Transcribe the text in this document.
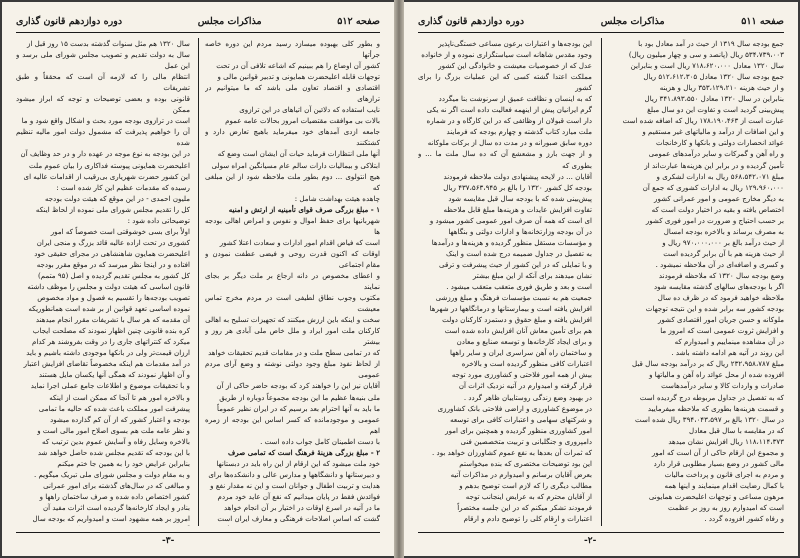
صفحه ۵۱۲
مذاکرات مجلس
دوره دوازدهم قانون گذاری

سال ۱۳۲۰ هم مثل سنوات گذشته بدست ۱۵ روز قبل از

سال به دولت تقدیم و تصویب مجلس شورای ملی برسد و این عمل

انتظام مالی را که لازمه آن است که محققاً و طبق تشریفات

قانونی بوده و بعضی توضیحات و توجه که ابراز میشود ممکن

است در ترازوی بودجه مورد بحث و اشکال واقع شود و ما

آن را خواهیم پذیرفت که مشمول دولت امور مالیه تنظیم شده

در این بودجه به نوع موجه در عهده دار و در حد وظایف آن

اعلیحضرت همایونی پیوسته فداکاری را بیان عموم ملت

این کشور حضرت شهریاری بی‌رقیب از اقدامات عالیه ای

رسیده که مقدمات عظیم این کار شده است :

ملیون احمدی - در این موقع که هیئت دولت بودجه

کل را تقدیم مجلس شورای ملی نموده از لحاظ اینکه

توضیحاتی داده شود :

اولاً برای بسی خوشوقتی است خصوصاً که امور

کشوری در تحت اراده عالیه قائد بزرگ و منجی ایران

اعلیحضرت همایون شاهنشاهی در مجرای حقیقی خود

افتاده و در اینجا نظر میرسد که در موقع مقرر بودجه

کل کشور به مجلس تقدیم گردیده و اصل (۹۵ متمم)

قانون اساسی که هیئت دولت و مجلس را موظف داشته

تصویب بودجه‌ها را تقسیم به فصول و مواد مخصوص

نموده اساسی تعهد قوانین از بر شده است همانطوریکه

آن مقدمه که هر سال با تشریفات مقرر انجام میدهند

کره بنده قانونی چنین اظهار نمودند که مصلحت ایجاب

میکرد که کنتراتهای جاری را در وقت بفروشند هر کدام

ارزان قیمت‌تر ولی در بانکها موجودی داشته باشیم و باید

در آمد مقدمات هم اینکه مخصوصاً تقاضای افزایش اعتبار

و آن اظهار نمودند که همگی آنها یکسان مایل هستند

و با تحقیقات موضوع و اطلاعات جامع عملی اجرا نماید

و بالاخره امور هم تا آنجا که ممکن است از اینکه

پیشرفت امور مملکت باعث شده که حالیه ما تمامی

بودجه و اعتبار کشور که از آن کم گذارده میشود

و نظر عامه ملت هم بسوی اصلاح امور مالی است و

بالاخره وسایل رفاه و آسایش عموم بدین ترتیب که

با این بودجه که تقدیم مجلس شده حاصل خواهد شد

بنابراین عرایض خود را به همین جا ختم میکنم

و به مقام دولت و مجلس شورای ملی تبریک میگویم .

و مبالغی که در سال‌های گذشته برای امور عمرانی

کشور اختصاص داده شده و صرف ساختمان راهها و

بنادر و ایجاد کارخانه‌ها گردیده است اثرات مفید آن

امروز بر همه مشهود است و امیدواریم که بودجه سال

و بطور کلی بهبوده میسازد رسید مردم این دوره خاصه جرأتها

کشور آن اوضاع را هم ببینیم که اشاعه تلافی آن در تحت

توجهات قابله اعلیحضرت همایونی و تدبیر قوانین مالی و

اقتصادی و اقتصاد تعاون ملی باشد که ما میتوانیم در ترازهای

نایب استفاده که دلائین آن اتیاهای در این ترازوی

بالات بی موافقت مقتضیات امروز بحالات عامه عموم

جامعه ازدی آمدهای خود میفرماید باهیچ تعارض دارد و کشتکنند

آنها ملی انتظارات فرماید حیات آن ایشان است وضع که

ابتلاکی و بیمالیات دارات سالم عام مسیانگین امراه سولی

هیچ انتولوی ... دوم بطور ملت ملاحظه شود از این مبلغی که

چاهده هیئت بهداشت شامل :

۱ - مبلغ بزرگی صرف قوای تأمینیه از ارتش و امنیه

شهربانیها برای حفظ اموال و نفوس و امراض اهالی بودجه ها

است که فیاض اقدام امور ادارات و سعادت اعتلا کشور

اوقات که اکنون قدرت روحی و فیضی عطفت نمودن و مقام اجتماعی

و اعطای مخصوص در دانه ارجاع بر ملت دیگر بر بجای نمایند

مکتوب وجوب نطاق لطیفی است در مردم مخرج تماس معیشت

سخت و اینکه باین ارزش میکنند که تجهیزات تسلیح به اهالی

کارکنان ملت امور ایراد و ملل خاص ملی آبادی هر روز و بیشتر

که در تمامی سطح ملت و در مقامات قدیم تحقیقات خواهد

از لحاظ نفوذ مبلغ وجود دولتی نوشته و وضع آرای مردم عمومی

آقایان نیز این را خواهند کرد که بودجه حاضر حاکی از آن

ملی بنیه‌ها عظیم ما این بودجه مجموعاً دوباره از طریق

ما باید به آنها احترام بعد برسیم که در ایران نظیر عموماً

عمومی و موجودمانده که کسر اساس این بودجه از زمره اهم

با دست اطمینان کامل جواب داده است .

۲ - مبلغ بزرگی هزینهٔ فرهنگ است که تمامی صرف

خود ملت میشود که این ارقام از این راه باید در دبستانها

و دبیرستانها و دانشگاهها و مدارس عالی و دانشکده‌ها برای

هدایت و تربیت اطفال و جوانان است و این نه مقدار نفع و

فوائدش فقط در پایان میدانیم که نفع آن عاید خود مردم

ما در آتیه در اسرع اوقات در اختیار بر آن انجام خواهد

گشت که اساس اصلاحات فرهنگی و معارف ایران است

-۳-
صفحه ۵۱۱
مذاکرات مجلس
دوره دوازدهم قانون گذاری

این بودجه‌ها و اعتبارات برعون مساعی خستگی‌ناپذیر

وجود مقدس شاهانه است سیاستگزاری نموده و از خانواده

عدل که از خصوصیات معیشت و خانوادگی این کشور

مملکت اعتدا گشته کسی که این عملیات بزرگ را برای کشور

که به اینسان و نظافت عمیق از سرنوشت بنا میگردد

گرم ایرانیان پیش از اینهمه فعالیت داده است اگر نه یکی

دار است قبولان از وظائفی که در این کارگاه و در شماره

ملت میازد کتاب گذشته و چهارم بودجه که فرمایند

دوره سابق صبورانه و در مدت ده سال از برکات ملوکانه

و از جهت بارز و مشعشع آن که ده سال ملت ما ... و بطوری که

آقایان ... در لایحه پیشنهادی دولت ملاحظه فرمودند

بودجه کل کشور ۱۳۲۰ را بالغ بر ۴۳۷،۵۶۳،۹۴۵ ریال

پیش‌بینی شده که با بودجه سال قبل مقایسه شود

تفاوت افزایش عایدات و هزینه‌ها مبلغ قابل ملاحظه

ای است که همه آن صرف امور عمومی کشور میشود و

در آن بودجه وزارتخانه‌ها و ادارات دولتی و بنگاهها

و مؤسسات مستقل منظور گردیده و هزینه‌ها و درآمدها

به تفصیل در جداول ضمیمه درج شده است و اینک

و با تمایلی که در این کشور از حیث پیشرفت و ترقی

نشان میدهند برای آنکه از این مبلغ بیشتر

است و بعد و طریق فوری متعقب متعقب میشود .

جمعیت هم به نسبت مؤسسات فرهنگ و مبلغ ورزشی

افزایش یافته است و بیمارستانها و درمانگاهها در شهرها

افزایش یافته و مبلغ حقوق و دستمزد کارکنان دولت

هم برای تأمین معاش آنان افزایش داده شده است

و برای ایجاد کارخانه‌ها و توسعه صنایع و معادن

و ساختمان راه آهن سراسری ایران و سایر راهها

اعتبارات کافی منظور گردیده است و بالاخره

بیش از همه امور فلاحتی و کشاورزی مورد توجه

قرار گرفته و امیدوارم در آتیه نزدیک اثرات آن

در بهبود وضع زندگی روستاییان ظاهر گردد .

در موضوع کشاورزی و اراضی فلاحتی بانک کشاورزی

و شرکتهای سهامی و اعتبارات کافی برای توسعه

امور کشاورزی منظور گردیده و همچنین برای امور

دامپروری و جنگلبانی و تربیت متخصصین فنی

که ثمرات آن بعدها به نفع عموم کشاورزان خواهد بود .

این بود توضیحات مختصری که بنده میخواستم

بعرض آقایان برسانم و امیدوارم در مذاکرات آتیه

مطالب دیگری را که لازم است توضیح بدهم و

از آقایان محترم که به عرایض اینجانب توجه

فرمودند تشکر میکنم که در این جلسه مختصراً

اعتبارات و ارقام کلی را توضیح دادم و ارقام

جمع بودجه سال ۱۳۱۹ از حیث در آمد معادل بود با

۵۳۴،۷۳۹،۰۰۳ ریال (پانصد و سی و چهار میلیون ریال)

سال ۱۳۲۰ معادل ۷۱۸،۶۲۰،۰۰۰ ریال است و بنابراین

جمع بودجه سال ۱۳۲۰ معادل ۵۱۲،۶۱۲،۳۰۵ ریال

و از حیث هزینه ۳۵۳،۱۲۹،۲۱۰ ریال و هزینه

بنابراین در سال ۱۳۲۰ معادل ۳۴۱،۸۹۳،۵۵۰ ریال

پیش‌بینی گردید است و تفاوت این دو سال مبلغ

عبارت است از ۱۷۸،۱۹۰،۴۶۳ ریال که اضافه شده است

و این اضافات از درآمد و مالیاتهای غیر مستقیم و

عوائد انحصارات دولتی و بانکها و کارخانجات

و راه آهن و گمرکات و سایر درآمدهای عمومی

تأمین گردیده و در برابر این هزینه‌ها عبارت‌اند از

مبلغ ۵۶۸،۵۴۲،۰۷۱ ریال به ادارات لشکری و

۱۲۹،۹۶۰،۰۰۰ ریال به ادارات کشوری که جمع آن

به دیگر مخارج عمومی و امور عمرانی کشور

اختصاص یافته و بقیه در اختیار دولت است که

بر حسب احتیاج و ضرورت در امور فوری کشور

به مصرف برساند و بالاخره بودجه امسال

از حیث درآمد بالغ بر ۹۷۰،۰۰۰،۰۰۰ ریال و

از حیث هزینه هم با آن برابر گردیده است

و کسری و اضافه‌ای در آن ملاحظه نمیشود .

وضع بودجه سال ۱۳۲۰ که ملاحظه فرمودند

اگر با بودجه‌های سالهای گذشته مقایسه شود

ملاحظه خواهید فرمود که در ظرف ده سال

بودجه کشور سه برابر شده و این نتیجه توجهات

ملوکانه و حسن جریان امور اقتصادی کشور

و افزایش ثروت عمومی است که امروز ما

در آن مشاهده مینماییم و امیدوارم که

این روند در آتیه هم ادامه داشته باشد .

مبلغ ۲۳۲،۹۵۸،۷۸۷ ریال که بر درآمد بودجه سال قبل

افزوده شده از محل عوائد راه آهن و مالیاتها و

صادرات و واردات کالا و سایر درآمدهاست

که به تفصیل در جداول مربوطه درج گردیده است

و قسمت هزینه‌ها بطوری که ملاحظه میفرمایید

در سال ۱۳۲۰ بالغ بر ۳۹۴،۰۴۳،۵۹۷ ریال شده است

که در مقایسه با سال قبل معادل

۱۱۸،۱۱۴،۳۷۳ ریال افزایش نشان میدهد

و مجموع این ارقام حاکی از آن است که امور

مالی کشور در وضع بسیار مطلوبی قرار دارد

و مردم به اجرای قانون و پرداخت مالیات

با کمال رضایت اقدام مینمایند و اینها همه

مرهون مساعی و توجهات اعلیحضرت همایونی

است که امیدوارم روز به روز بر عظمت

و رفاه کشور افزوده گردد .

-۲-
